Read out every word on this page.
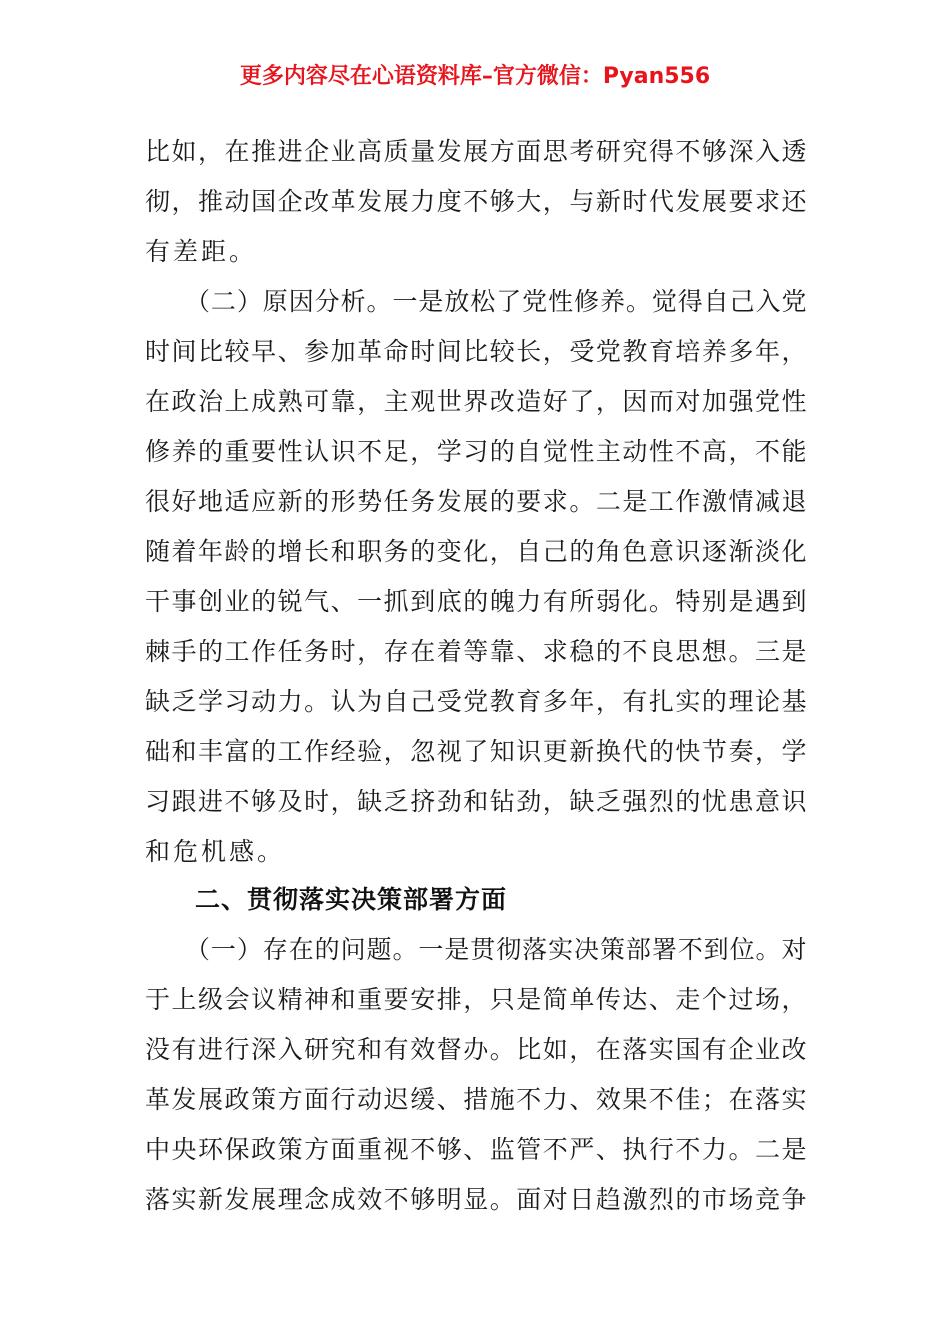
更多内容尽在心语资料库–官方微信：Pyan556
比如，在推进企业高质量发展方面思考研究得不够深入透
彻，推动国企改革发展力度不够大，与新时代发展要求还
有差距。
（二）原因分析。一是放松了党性修养。觉得自己入党
时间比较早、参加革命时间比较长，受党教育培养多年，
在政治上成熟可靠，主观世界改造好了，因而对加强党性
修养的重要性认识不足，学习的自觉性主动性不高，不能
很好地适应新的形势任务发展的要求。二是工作激情减退
随着年龄的增长和职务的变化，自己的角色意识逐渐淡化
干事创业的锐气、一抓到底的魄力有所弱化。特别是遇到
棘手的工作任务时，存在着等靠、求稳的不良思想。三是
缺乏学习动力。认为自己受党教育多年，有扎实的理论基
础和丰富的工作经验，忽视了知识更新换代的快节奏，学
习跟进不够及时，缺乏挤劲和钻劲，缺乏强烈的忧患意识
和危机感。
二、贯彻落实决策部署方面
（一）存在的问题。一是贯彻落实决策部署不到位。对
于上级会议精神和重要安排，只是简单传达、走个过场，
没有进行深入研究和有效督办。比如，在落实国有企业改
革发展政策方面行动迟缓、措施不力、效果不佳；在落实
中央环保政策方面重视不够、监管不严、执行不力。二是
落实新发展理念成效不够明显。面对日趋激烈的市场竞争
